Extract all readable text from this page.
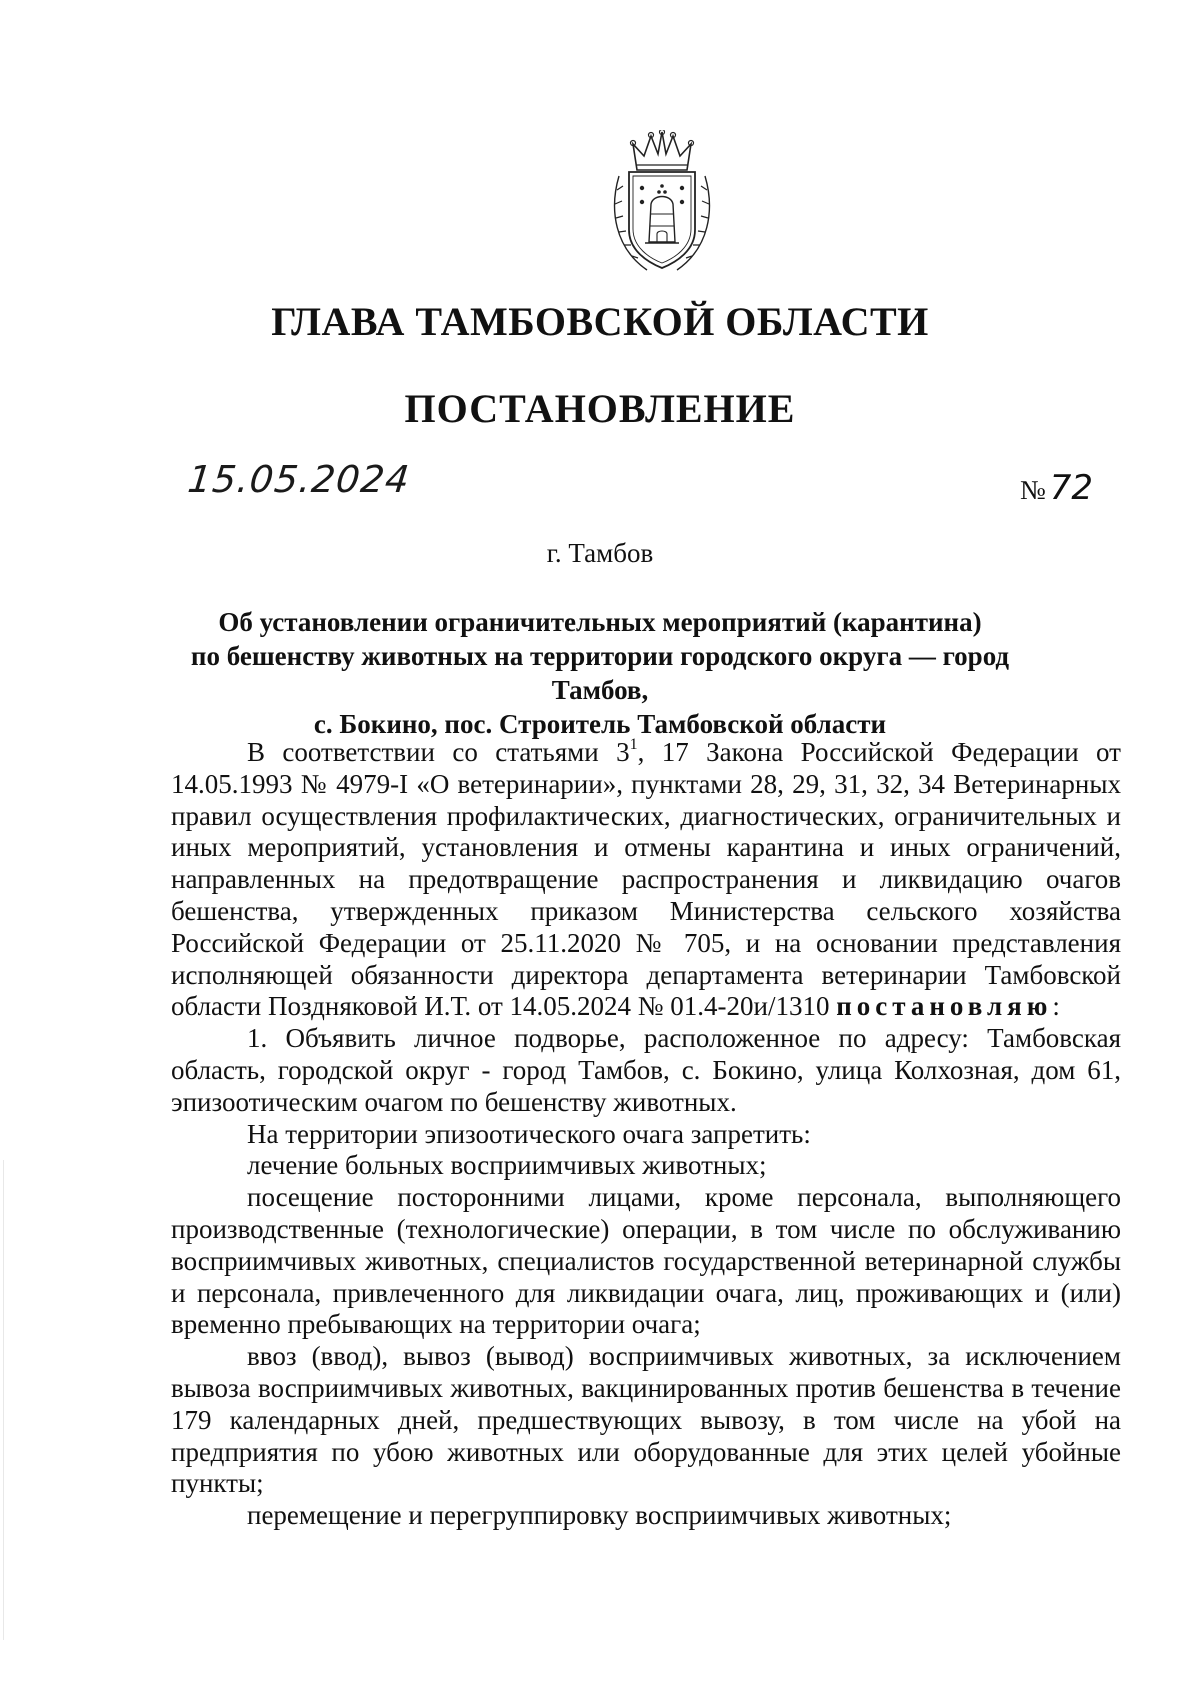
ГЛАВА ТАМБОВСКОЙ ОБЛАСТИ
ПОСТАНОВЛЕНИЕ
15.05.2024	№ 72
г. Тамбов
Об установлении ограничительных мероприятий (карантина)
по бешенству животных на территории городского округа — город Тамбов,
с. Бокино, пос. Строитель Тамбовской области

В соответствии со статьями $3^1$, 17 Закона Российской Федерации от 14.05.1993 № 4979-I «О ветеринарии», пунктами 28, 29, 31, 32, 34 Ветеринарных правил осуществления профилактических, диагностических, ограничительных и иных мероприятий, установления и отмены карантина и иных ограничений, направленных на предотвращение распространения и ликвидацию очагов бешенства, утвержденных приказом Министерства сельского хозяйства Российской Федерации от 25.11.2020 № 705, и на основании представления исполняющей обязанности директора департамента ветеринарии Тамбовской области Поздняковой И.Т. от 14.05.2024 № 01.4-20и/1310 постановляю:

1. Объявить личное подворье, расположенное по адресу: Тамбовская область, городской округ - город Тамбов, с. Бокино, улица Колхозная, дом 61, эпизоотическим очагом по бешенству животных.

На территории эпизоотического очага запретить:

лечение больных восприимчивых животных;

посещение посторонними лицами, кроме персонала, выполняющего производственные (технологические) операции, в том числе по обслуживанию восприимчивых животных, специалистов государственной ветеринарной службы и персонала, привлеченного для ликвидации очага, лиц, проживающих и (или) временно пребывающих на территории очага;

ввоз (ввод), вывоз (вывод) восприимчивых животных, за исключением вывоза восприимчивых животных, вакцинированных против бешенства в течение 179 календарных дней, предшествующих вывозу, в том числе на убой на предприятия по убою животных или оборудованные для этих целей убойные пункты;

перемещение и перегруппировку восприимчивых животных;
